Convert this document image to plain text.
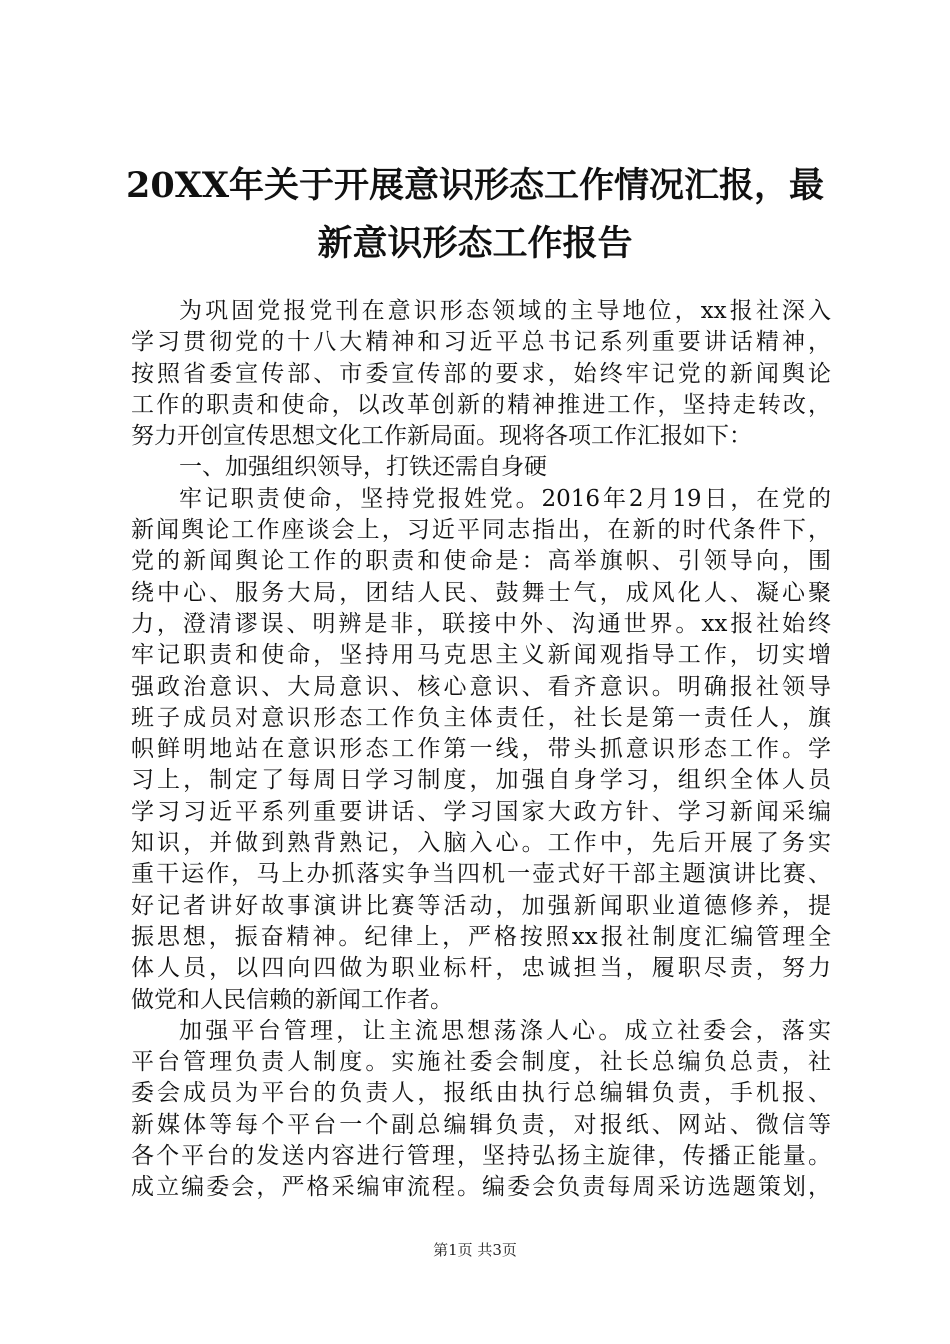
20XX年关于开展意识形态工作情况汇报，最
新意识形态工作报告
为巩固党报党刊在意识形态领域的主导地位，xx报社深入
学习贯彻党的十八大精神和习近平总书记系列重要讲话精神，
按照省委宣传部、市委宣传部的要求，始终牢记党的新闻舆论
工作的职责和使命，以改革创新的精神推进工作，坚持走转改，
努力开创宣传思想文化工作新局面。现将各项工作汇报如下：
一、加强组织领导，打铁还需自身硬
牢记职责使命，坚持党报姓党。2016年2月19日，在党的
新闻舆论工作座谈会上，习近平同志指出，在新的时代条件下，
党的新闻舆论工作的职责和使命是：高举旗帜、引领导向，围
绕中心、服务大局，团结人民、鼓舞士气，成风化人、凝心聚
力，澄清谬误、明辨是非，联接中外、沟通世界。xx报社始终
牢记职责和使命，坚持用马克思主义新闻观指导工作，切实增
强政治意识、大局意识、核心意识、看齐意识。明确报社领导
班子成员对意识形态工作负主体责任，社长是第一责任人，旗
帜鲜明地站在意识形态工作第一线，带头抓意识形态工作。学
习上，制定了每周日学习制度，加强自身学习，组织全体人员
学习习近平系列重要讲话、学习国家大政方针、学习新闻采编
知识，并做到熟背熟记，入脑入心。工作中，先后开展了务实
重干运作，马上办抓落实争当四机一壶式好干部主题演讲比赛、
好记者讲好故事演讲比赛等活动，加强新闻职业道德修养，提
振思想，振奋精神。纪律上，严格按照xx报社制度汇编管理全
体人员，以四向四做为职业标杆，忠诚担当，履职尽责，努力
做党和人民信赖的新闻工作者。
加强平台管理，让主流思想荡涤人心。成立社委会，落实
平台管理负责人制度。实施社委会制度，社长总编负总责，社
委会成员为平台的负责人，报纸由执行总编辑负责，手机报、
新媒体等每个平台一个副总编辑负责，对报纸、网站、微信等
各个平台的发送内容进行管理，坚持弘扬主旋律，传播正能量。
成立编委会，严格采编审流程。编委会负责每周采访选题策划，
第1页 共3页
